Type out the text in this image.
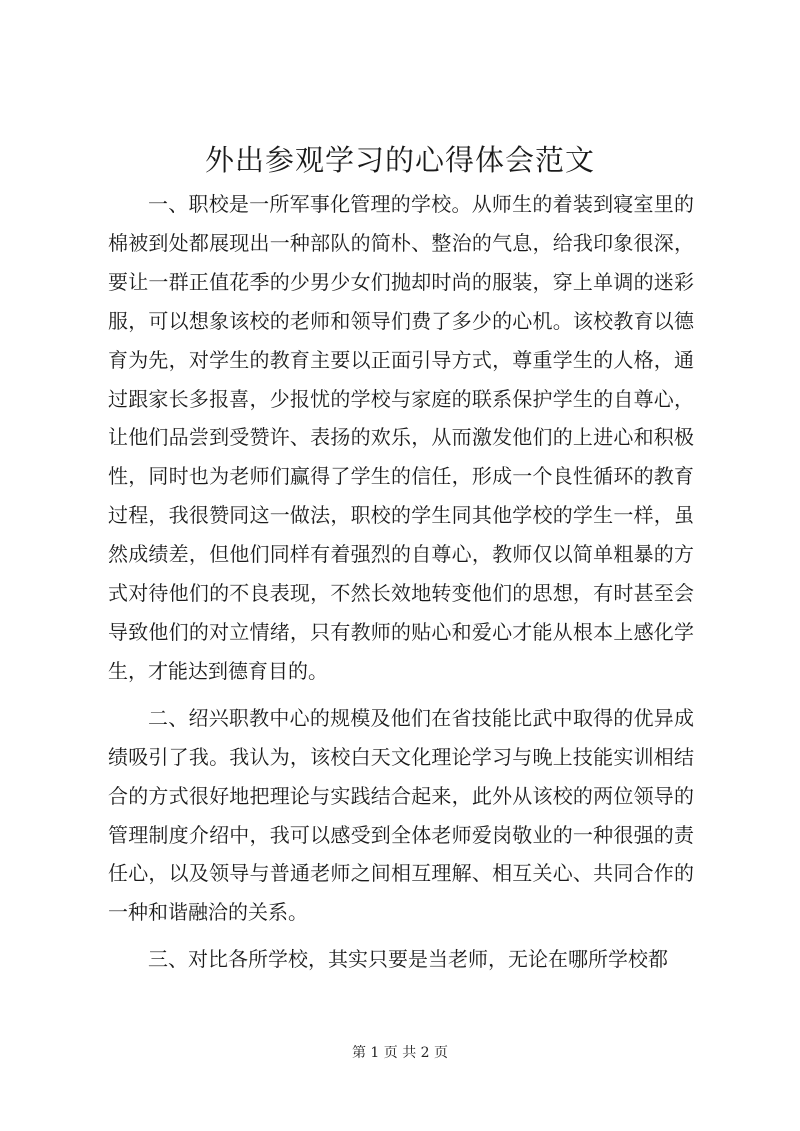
外出参观学习的心得体会范文

一、职校是一所军事化管理的学校。从师生的着装到寝室里的棉被到处都展现出一种部队的简朴、整治的气息，给我印象很深，要让一群正值花季的少男少女们抛却时尚的服装，穿上单调的迷彩服，可以想象该校的老师和领导们费了多少的心机。该校教育以德育为先，对学生的教育主要以正面引导方式，尊重学生的人格，通过跟家长多报喜，少报忧的学校与家庭的联系保护学生的自尊心，让他们品尝到受赞许、表扬的欢乐，从而激发他们的上进心和积极性，同时也为老师们赢得了学生的信任，形成一个良性循环的教育过程，我很赞同这一做法，职校的学生同其他学校的学生一样，虽然成绩差，但他们同样有着强烈的自尊心，教师仅以简单粗暴的方式对待他们的不良表现，不然长效地转变他们的思想，有时甚至会导致他们的对立情绪，只有教师的贴心和爱心才能从根本上感化学生，才能达到德育目的。

二、绍兴职教中心的规模及他们在省技能比武中取得的优异成绩吸引了我。我认为，该校白天文化理论学习与晚上技能实训相结合的方式很好地把理论与实践结合起来，此外从该校的两位领导的管理制度介绍中，我可以感受到全体老师爱岗敬业的一种很强的责任心，以及领导与普通老师之间相互理解、相互关心、共同合作的一种和谐融洽的关系。

三、对比各所学校，其实只要是当老师，无论在哪所学校都

第 1 页 共 2 页
